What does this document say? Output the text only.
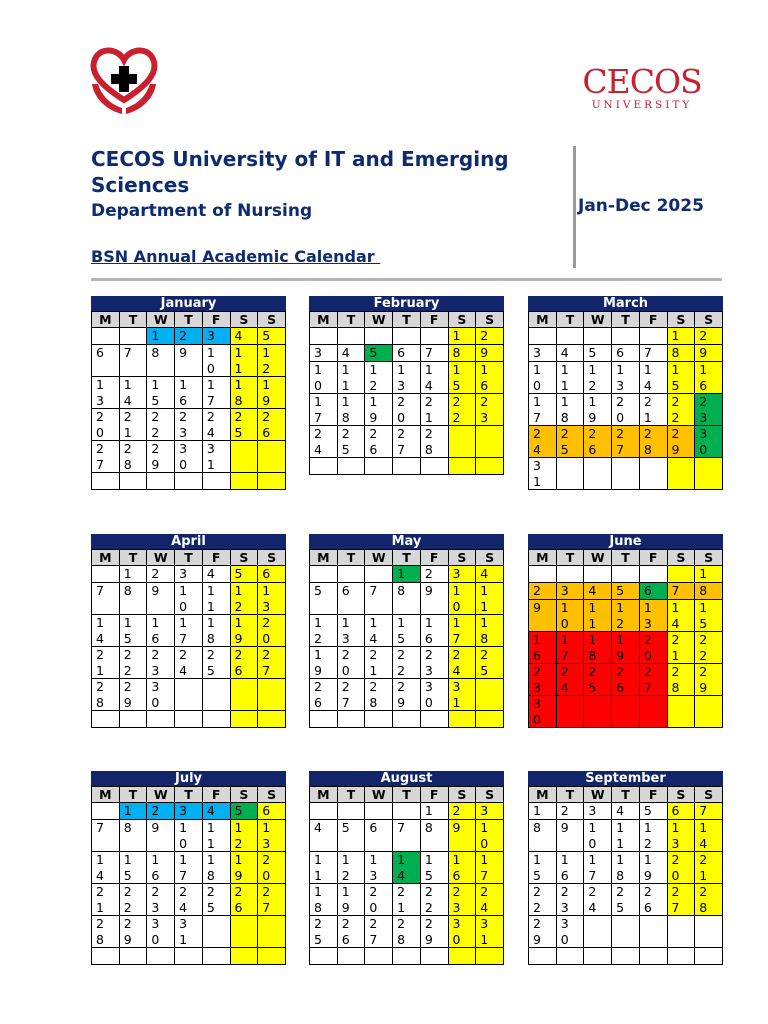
CECOS
UNIVERSITY
CECOS University of IT and Emerging Sciences
Department of Nursing
BSN Annual Academic Calendar
Jan-Dec 2025
January
M	T	W	T	F	S	S

		1	2	3	4	5

6	7	8	9	10	11	12

13	14	15	16	17	18	19

20	21	22	23	24	25	26

27	28	29	30	31		

February
M	T	W	T	F	S	S

					1	2

3	4	5	6	7	8	9

10	11	12	13	14	15	16

17	18	19	20	21	22	23

24	25	26	27	28		

March
M	T	W	T	F	S	S

					1	2

3	4	5	6	7	8	9

10	11	12	13	14	15	16

17	18	19	20	21	22	23

24	25	26	27	28	29	30

31						

April
M	T	W	T	F	S	S

	1	2	3	4	5	6

7	8	9	10	11	12	13

14	15	16	17	18	19	20

21	22	23	24	25	26	27

28	29	30				

May
M	T	W	T	F	S	S

			1	2	3	4

5	6	7	8	9	10	11

12	13	14	15	16	17	18

19	20	21	22	23	24	25

26	27	28	29	30	31	

June
M	T	W	T	F	S	S

						1

2	3	4	5	6	7	8

9	10	11	12	13	14	15

16	17	18	19	20	21	22

23	24	25	26	27	28	29

30						

July
M	T	W	T	F	S	S

	1	2	3	4	5	6

7	8	9	10	11	12	13

14	15	16	17	18	19	20

21	22	23	24	25	26	27

28	29	30	31			

August
M	T	W	T	F	S	S

				1	2	3

4	5	6	7	8	9	10

11	12	13	14	15	16	17

18	19	20	21	22	23	24

25	26	27	28	29	30	31

September
M	T	W	T	F	S	S

1	2	3	4	5	6	7

8	9	10	11	12	13	14

15	16	17	18	19	20	21

22	23	24	25	26	27	28

29	30					
